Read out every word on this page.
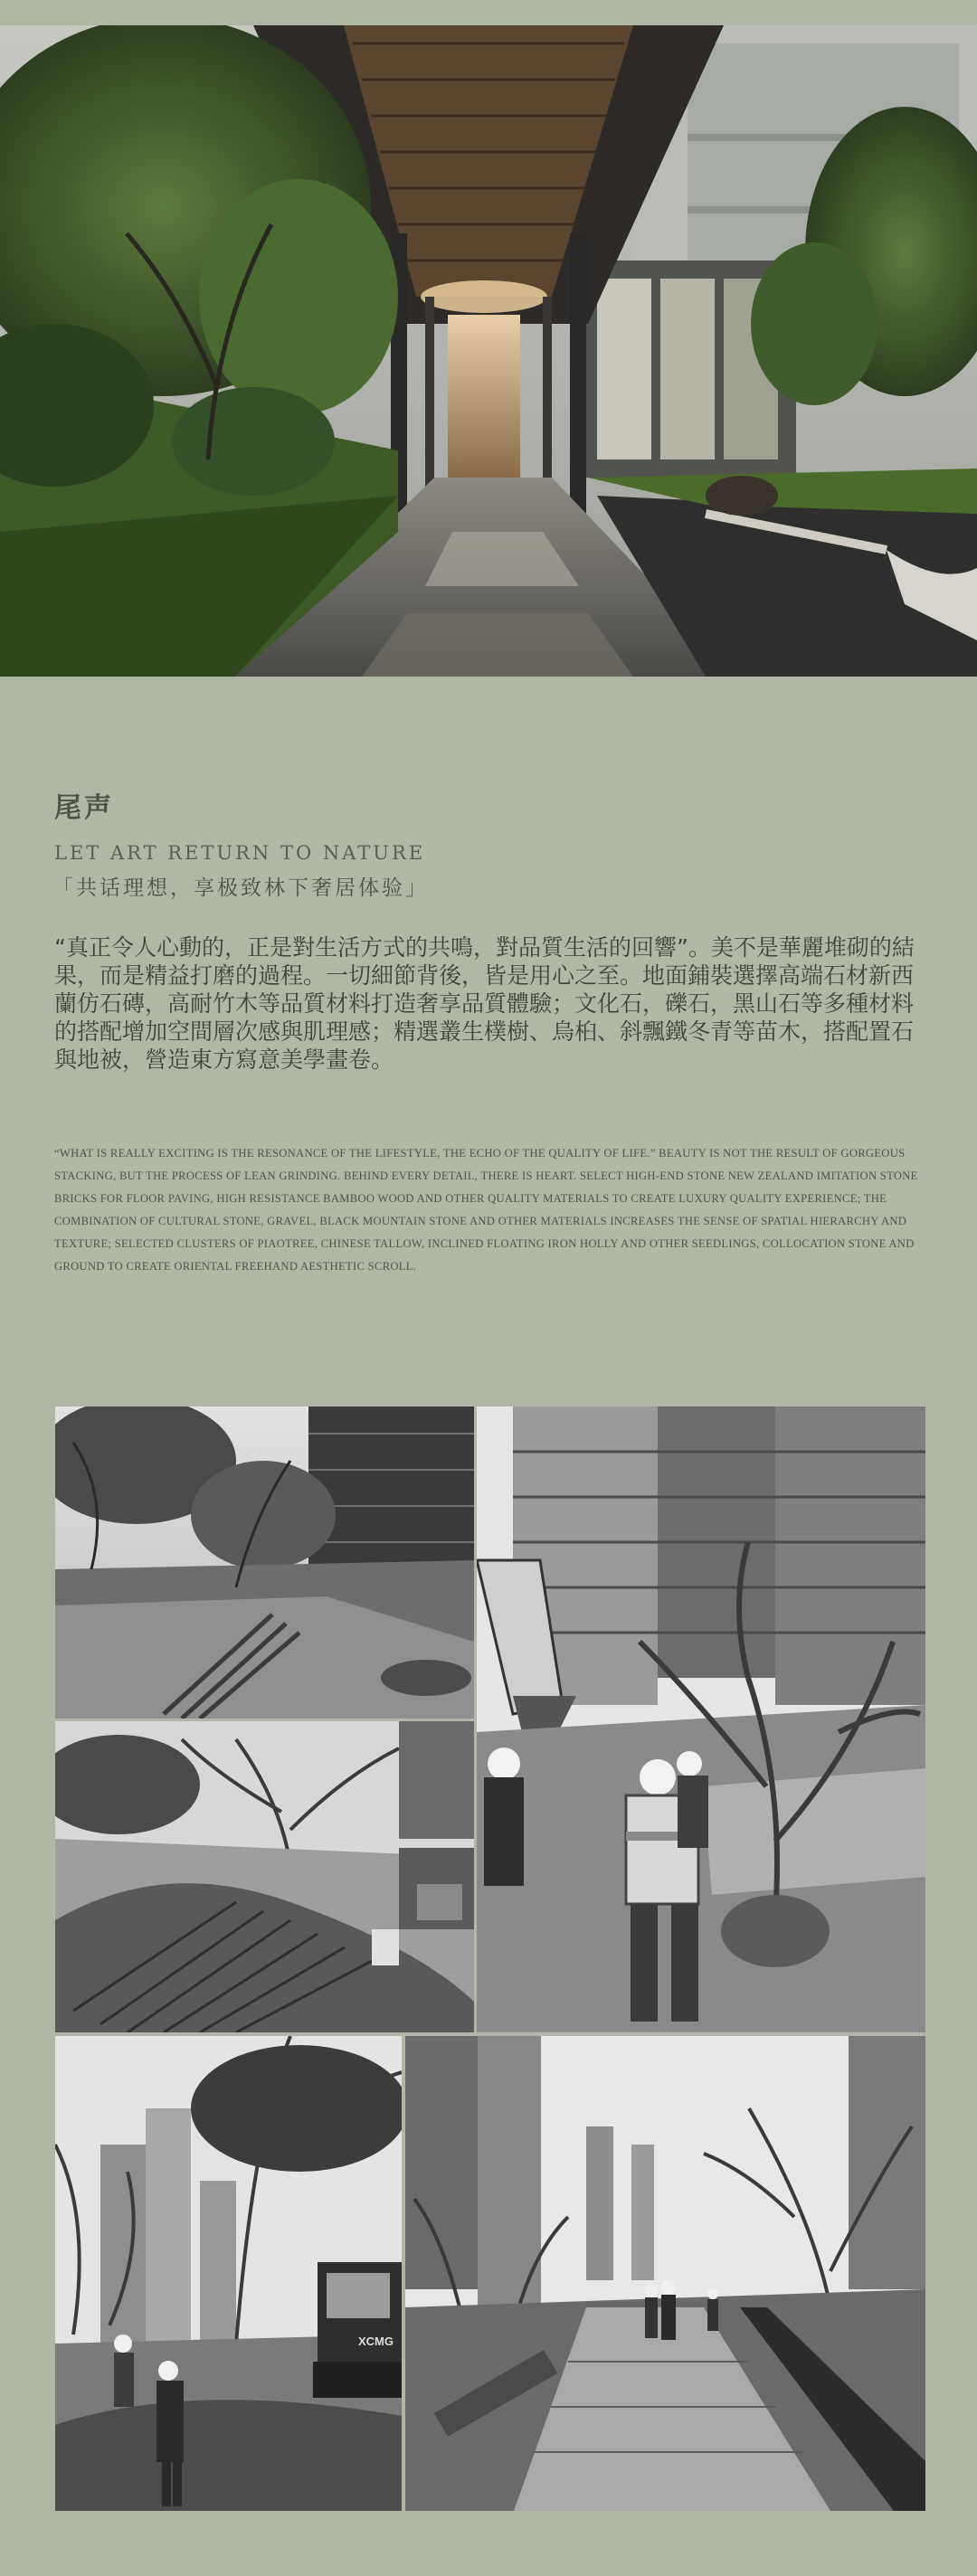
尾声
LET ART RETURN TO NATURE
「共话理想，享极致林下奢居体验」

“真正令人心動的，正是對生活方式的共鳴，對品質生活的回響”。美不是華麗堆砌的結果，而是精益打磨的過程。一切細節背後，皆是用心之至。地面鋪裝選擇高端石材新西蘭仿石磚，高耐竹木等品質材料打造奢享品質體驗；文化石，礫石，黑山石等多種材料的搭配增加空間層次感與肌理感；精選叢生樸樹、烏桕、斜飄鐵冬青等苗木，搭配置石與地被，營造東方寫意美學畫卷。

“WHAT IS REALLY EXCITING IS THE RESONANCE OF THE LIFESTYLE, THE ECHO OF THE QUALITY OF LIFE.” BEAUTY IS NOT THE RESULT OF GORGEOUS STACKING, BUT THE PROCESS OF LEAN GRINDING. BEHIND EVERY DETAIL, THERE IS HEART. SELECT HIGH-END STONE NEW ZEALAND IMITATION STONE BRICKS FOR FLOOR PAVING, HIGH RESISTANCE BAMBOO WOOD AND OTHER QUALITY MATERIALS TO CREATE LUXURY QUALITY EXPERIENCE; THE COMBINATION OF CULTURAL STONE, GRAVEL, BLACK MOUNTAIN STONE AND OTHER MATERIALS INCREASES THE SENSE OF SPATIAL HIERARCHY AND TEXTURE; SELECTED CLUSTERS OF PIAOTREE, CHINESE TALLOW, INCLINED FLOATING IRON HOLLY AND OTHER SEEDLINGS, COLLOCATION STONE AND GROUND TO CREATE ORIENTAL FREEHAND AESTHETIC SCROLL.

XCMG
